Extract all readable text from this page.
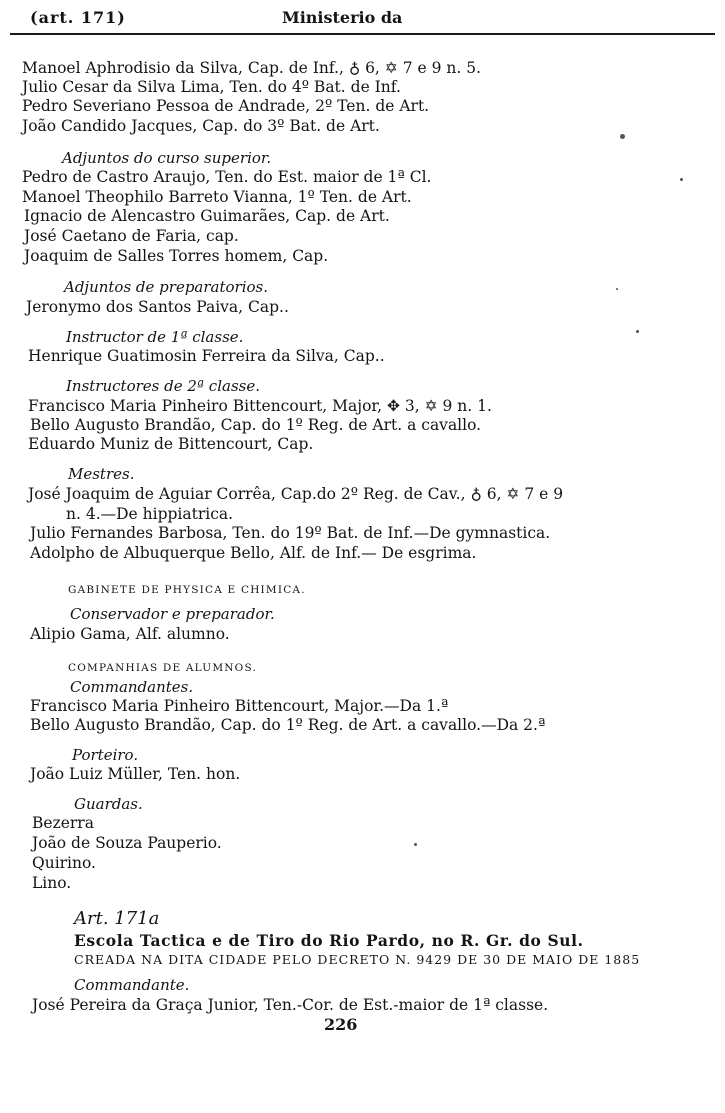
(art. 171)	Ministerio da
Manoel Aphrodisio da Silva, Cap. de Inf., ♁ 6, ✡ 7 e 9 n. 5.
Julio Cesar da Silva Lima, Ten. do 4º Bat. de Inf.
Pedro Severiano Pessoa de Andrade, 2º Ten. de Art.
João Candido Jacques, Cap. do 3º Bat. de Art.
Adjuntos do curso superior.
Pedro de Castro Araujo, Ten. do Est. maior de 1ª Cl.
Manoel Theophilo Barreto Vianna, 1º Ten. de Art.
Ignacio de Alencastro Guimarães, Cap. de Art.
José Caetano de Faria, cap.
Joaquim de Salles Torres homem, Cap.
Adjuntos de preparatorios.
Jeronymo dos Santos Paiva, Cap..
Instructor de 1ª classe.
Henrique Guatimosin Ferreira da Silva, Cap..
Instructores de 2ª classe.
Francisco Maria Pinheiro Bittencourt, Major, ✥ 3, ✡ 9 n. 1.
Bello Augusto Brandão, Cap. do 1º Reg. de Art. a cavallo.
Eduardo Muniz de Bittencourt, Cap.
Mestres.
José Joaquim de Aguiar Corrêa, Cap.do 2º Reg. de Cav., ♁ 6, ✡ 7 e 9
n. 4.—De hippiatrica.
Julio Fernandes Barbosa, Ten. do 19º Bat. de Inf.—De gymnastica.
Adolpho de Albuquerque Bello, Alf. de Inf.— De esgrima.
GABINETE DE PHYSICA E CHIMICA.
Conservador e preparador.
Alipio Gama, Alf. alumno.
COMPANHIAS DE ALUMNOS.
Commandantes.
Francisco Maria Pinheiro Bittencourt, Major.—Da 1.ª
Bello Augusto Brandão, Cap. do 1º Reg. de Art. a cavallo.—Da 2.ª
Porteiro.
João Luiz Müller, Ten. hon.
Guardas.
Bezerra
João de Souza Pauperio.
Quirino.
Lino.
Art. 171a
Escola Tactica e de Tiro do Rio Pardo, no R. Gr. do Sul.
CREADA NA DITA CIDADE PELO DECRETO N. 9429 DE 30 DE MAIO DE 1885
Commandante.
José Pereira da Graça Junior, Ten.-Cor. de Est.-maior de 1ª classe.
226
